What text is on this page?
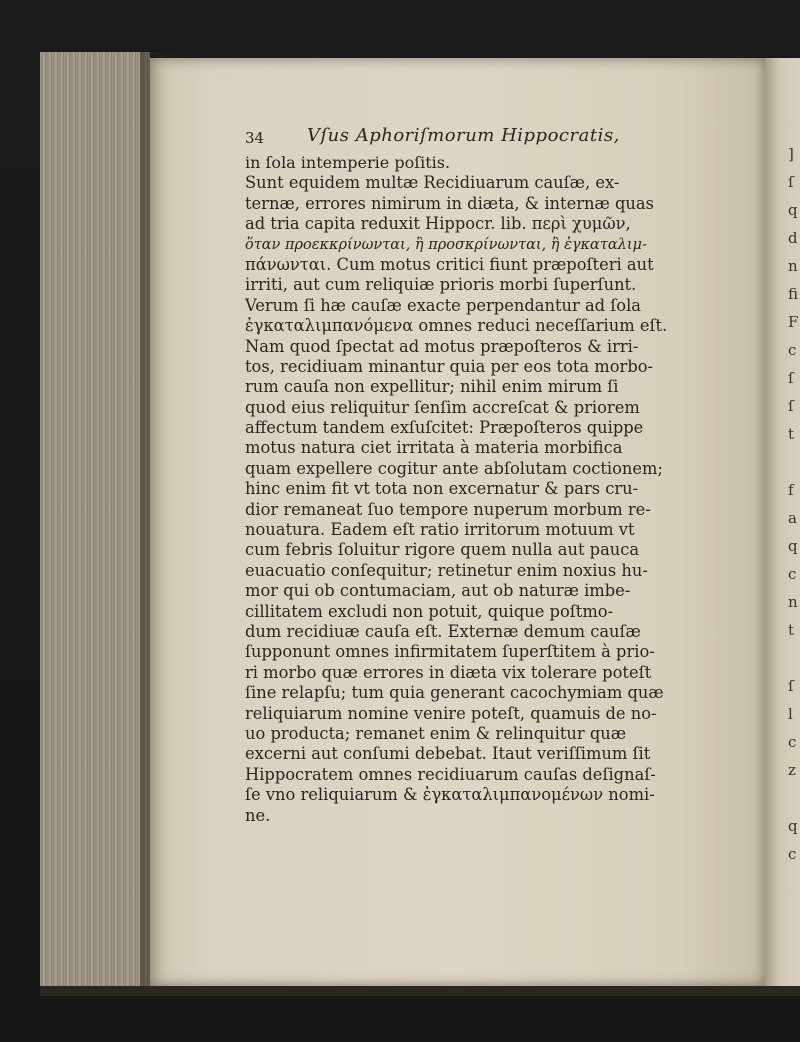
]
ſ
q
d
n
fi
F
c
ſ
ſ
t

f
a
q
c
n
t

ſ
l
c
z

q
c
34 Vſus Aphoriſmorum Hippocratis,
in ſola intemperie poſitis.
Sunt equidem multæ Recidiuarum cauſæ, ex-
ternæ, errores nimirum in diæta, & internæ quas
ad tria capita reduxit Hippocr. lib. περὶ χυμῶν,
ὅταν προεκκρίνωνται, ἢ προσκρίνωνται, ἢ ἐγκαταλιμ-
πάνωνται. Cum motus critici fiunt præpoſteri aut
irriti, aut cum reliquiæ prioris morbi ſuperſunt.
Verum ſi hæ cauſæ exacte perpendantur ad ſola
ἐγκαταλιμπανόμενα omnes reduci neceſſarium eſt.
Nam quod ſpectat ad motus præpoſteros & irri-
tos, recidiuam minantur quia per eos tota morbo-
rum cauſa non expellitur; nihil enim mirum ſi
quod eius reliquitur ſenſim accreſcat & priorem
affectum tandem exſuſcitet: Præpoſteros quippe
motus natura ciet irritata à materia morbifica
quam expellere cogitur ante abſolutam coctionem;
hinc enim fit vt tota non excernatur & pars cru-
dior remaneat ſuo tempore nuperum morbum re-
nouatura. Eadem eſt ratio irritorum motuum vt
cum febris ſoluitur rigore quem nulla aut pauca
euacuatio conſequitur; retinetur enim noxius hu-
mor qui ob contumaciam, aut ob naturæ imbe-
cillitatem excludi non potuit, quique poſtmo-
dum recidiuæ cauſa eſt. Externæ demum cauſæ
ſupponunt omnes infirmitatem ſuperſtitem à prio-
ri morbo quæ errores in diæta vix tolerare poteſt
ſine relapſu; tum quia generant cacochymiam quæ
reliquiarum nomine venire poteſt, quamuis de no-
uo producta; remanet enim & relinquitur quæ
excerni aut conſumi debebat. Itaut veriſſimum ſit
Hippocratem omnes recidiuarum cauſas deſignaſ-
ſe vno reliquiarum & ἐγκαταλιμπανομένων nomi-
ne.
